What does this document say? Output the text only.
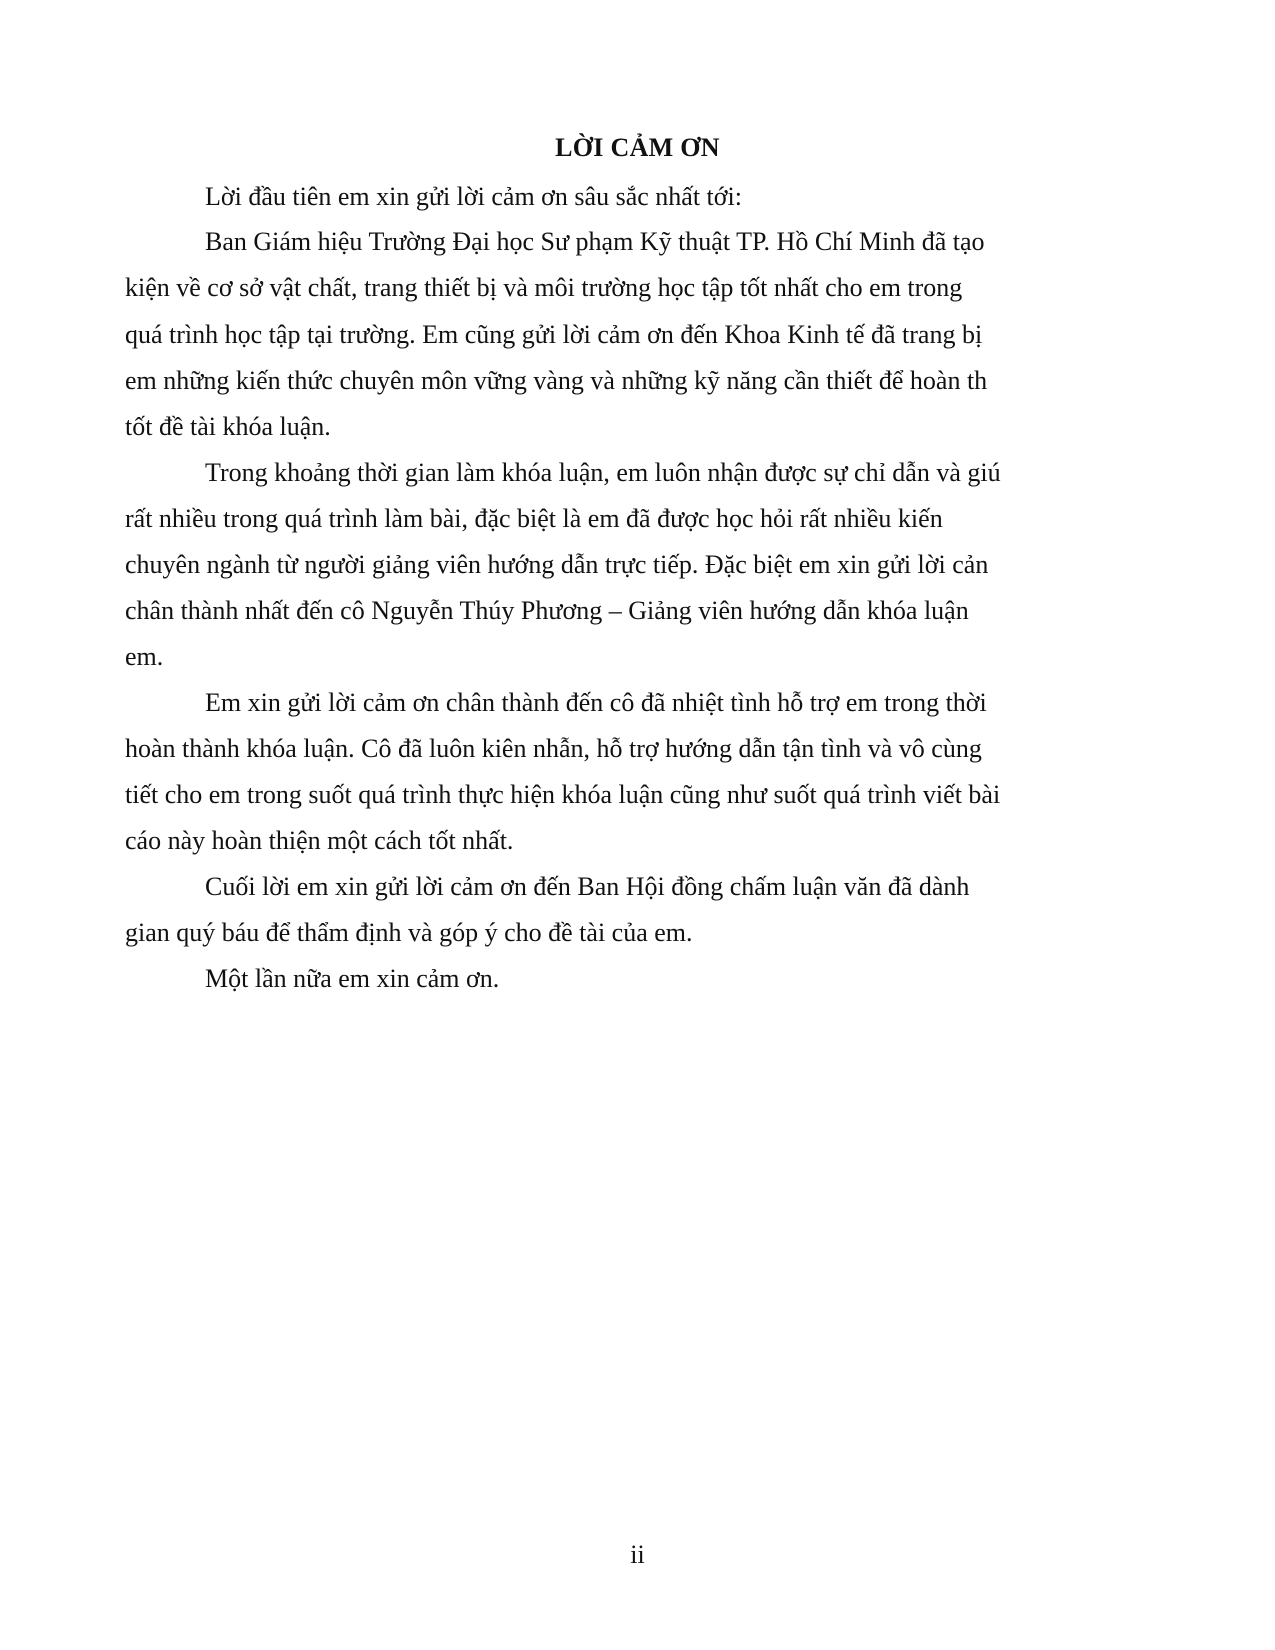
LỜI CẢM ƠN
Lời đầu tiên em xin gửi lời cảm ơn sâu sắc nhất tới:
Ban Giám hiệu Trường Đại học Sư phạm Kỹ thuật TP. Hồ Chí Minh đã tạo
kiện về cơ sở vật chất, trang thiết bị và môi trường học tập tốt nhất cho em trong
quá trình học tập tại trường. Em cũng gửi lời cảm ơn đến Khoa Kinh tế đã trang bị
em những kiến thức chuyên môn vững vàng và những kỹ năng cần thiết để hoàn th
tốt đề tài khóa luận.
Trong khoảng thời gian làm khóa luận, em luôn nhận được sự chỉ dẫn và giú
rất nhiều trong quá trình làm bài, đặc biệt là em đã được học hỏi rất nhiều kiến
chuyên ngành từ người giảng viên hướng dẫn trực tiếp. Đặc biệt em xin gửi lời cản
chân thành nhất đến cô Nguyễn Thúy Phương – Giảng viên hướng dẫn khóa luận
em.
Em xin gửi lời cảm ơn chân thành đến cô đã nhiệt tình hỗ trợ em trong thời
hoàn thành khóa luận. Cô đã luôn kiên nhẫn, hỗ trợ hướng dẫn tận tình và vô cùng
tiết cho em trong suốt quá trình thực hiện khóa luận cũng như suốt quá trình viết bài
cáo này hoàn thiện một cách tốt nhất.
Cuối lời em xin gửi lời cảm ơn đến Ban Hội đồng chấm luận văn đã dành
gian quý báu để thẩm định và góp ý cho đề tài của em.
Một lần nữa em xin cảm ơn.
ii
